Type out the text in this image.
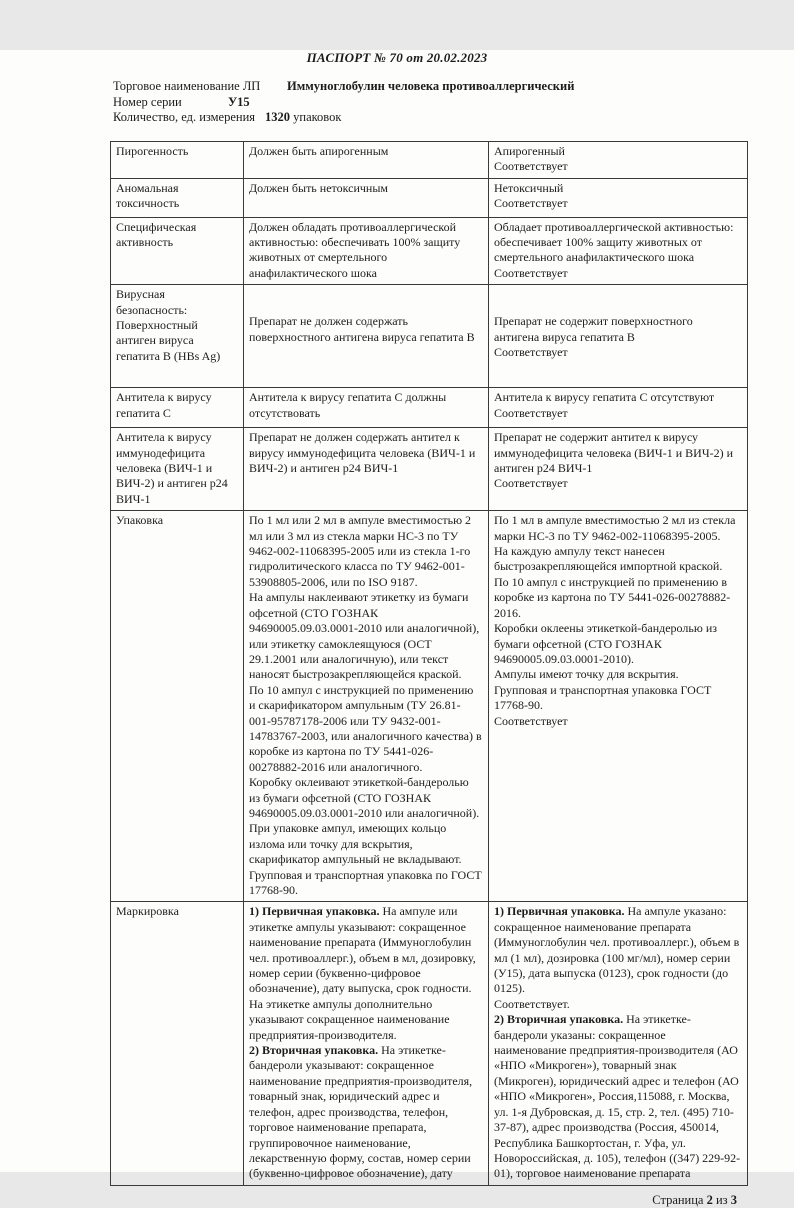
ПАСПОРТ № 70 от 20.02.2023
Торговое наименование ЛП Иммуноглобулин человека противоаллергический
Номер серии	У15
Количество, ед. измерения 1320 упаковок
Пирогенность	Должен быть апирогенным	Апирогенный
Соответствует
Аномальная токсичность	Должен быть нетоксичным	Нетоксичный
Соответствует
Специфическая активность	Должен обладать противоаллергической активностью: обеспечивать 100% защиту животных от смертельного анафилактического шока	Обладает противоаллергической активностью: обеспечивает 100% защиту животных от смертельного анафилактического шока
Соответствует
Вирусная
безопасность:
Поверхностный антиген вируса гепатита В (HBs Ag)	Препарат не должен содержать поверхностного антигена вируса гепатита В	Препарат не содержит поверхностного антигена вируса гепатита В
Соответствует
Антитела к вирусу гепатита С	Антитела к вирусу гепатита С должны отсутствовать	Антитела к вирусу гепатита С отсутствуют
Соответствует
Антитела к вирусу иммунодефицита человека (ВИЧ-1 и ВИЧ-2) и антиген p24 ВИЧ-1	Препарат не должен содержать антител к вирусу иммунодефицита человека (ВИЧ-1 и ВИЧ-2) и антиген p24 ВИЧ-1	Препарат не содержит антител к вирусу иммунодефицита человека (ВИЧ-1 и ВИЧ-2) и антиген p24 ВИЧ-1
Соответствует
Упаковка	По 1 мл или 2 мл в ампуле вместимостью 2 мл или 3 мл из стекла марки НС-3 по ТУ 9462-002-11068395-2005 или из стекла 1-го гидролитического класса по ТУ 9462-001-53908805-2006, или по ISO 9187.
На ампулы наклеивают этикетку из бумаги офсетной (СТО ГОЗНАК 94690005.09.03.0001-2010 или аналогичной), или этикетку самоклеящуюся (ОСТ 29.1.2001 или аналогичную), или текст наносят быстрозакрепляющейся краской.
По 10 ампул с инструкцией по применению и скарификатором ампульным (ТУ 26.81-001-95787178-2006 или ТУ 9432-001-14783767-2003, или аналогичного качества) в коробке из картона по ТУ 5441-026-00278882-2016 или аналогичного.
Коробку оклеивают этикеткой-бандеролью из бумаги офсетной (СТО ГОЗНАК 94690005.09.03.0001-2010 или аналогичной).
При упаковке ампул, имеющих кольцо излома или точку для вскрытия, скарификатор ампульный не вкладывают.
Групповая и транспортная упаковка по ГОСТ 17768-90.	По 1 мл в ампуле вместимостью 2 мл из стекла марки НС-3 по ТУ 9462-002-11068395-2005.
На каждую ампулу текст нанесен быстрозакрепляющейся импортной краской.
По 10 ампул с инструкцией по применению в коробке из картона по ТУ 5441-026-00278882-2016.
Коробки оклеены этикеткой-бандеролью из бумаги офсетной (СТО ГОЗНАК 94690005.09.03.0001-2010).
Ампулы имеют точку для вскрытия.
Групповая и транспортная упаковка ГОСТ 17768-90.
Соответствует
Маркировка	1) Первичная упаковка. На ампуле или этикетке ампулы указывают: сокращенное наименование препарата (Иммуноглобулин чел. противоаллерг.), объем в мл, дозировку, номер серии (буквенно-цифровое обозначение), дату выпуска, срок годности.
На этикетке ампулы дополнительно указывают сокращенное наименование предприятия-производителя.
2) Вторичная упаковка. На этикетке-бандероли указывают: сокращенное наименование предприятия-производителя, товарный знак, юридический адрес и телефон, адрес производства, телефон, торговое наименование препарата, группировочное наименование, лекарственную форму, состав, номер серии (буквенно-цифровое обозначение), дату	1) Первичная упаковка. На ампуле указано: сокращенное наименование препарата (Иммуноглобулин чел. противоаллерг.), объем в мл (1 мл), дозировка (100 мг/мл), номер серии (У15), дата выпуска (0123), срок годности (до 0125).
Соответствует.
2) Вторичная упаковка. На этикетке-бандероли указаны: сокращенное наименование предприятия-производителя (АО «НПО «Микроген»), товарный знак (Микроген), юридический адрес и телефон (АО «НПО «Микроген», Россия,115088, г. Москва, ул. 1-я Дубровская, д. 15, стр. 2, тел. (495) 710-37-87), адрес производства (Россия, 450014, Республика Башкортостан, г. Уфа, ул. Новороссийская, д. 105), телефон ((347) 229-92-01), торговое наименование препарата
Страница 2 из 3
